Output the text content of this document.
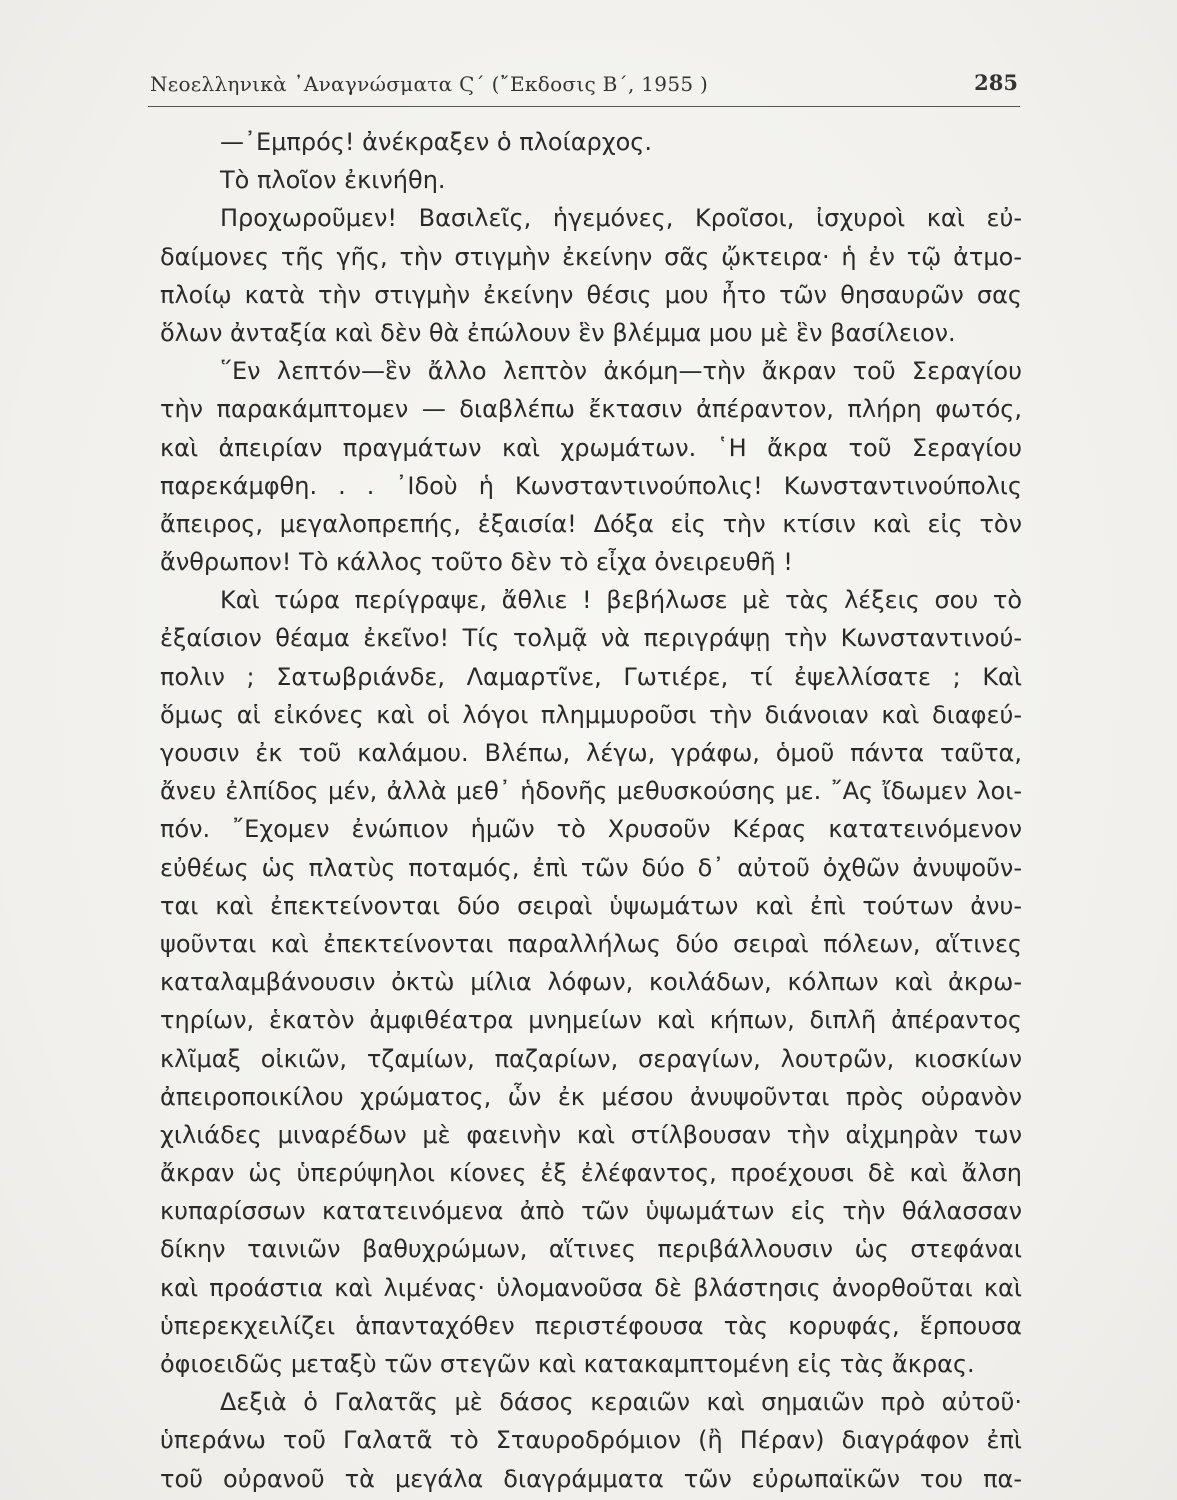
Νεοελληνικὰ ᾿Αναγνώσματα Ϛ΄ (῎Εκδοσις Β΄, 1955 )	285
—᾿Εμπρός! ἀνέκραξεν ὁ πλοίαρχος.
Τὸ πλοῖον ἐκινήθη.
Προχωροῦμεν! Βασιλεῖς, ἡγεμόνες, Κροῖσοι, ἰσχυροὶ καὶ εὐ-
δαίμονες τῆς γῆς, τὴν στιγμὴν ἐκείνην σᾶς ᾤκτειρα· ἡ ἐν τῷ ἀτμο-
πλοίῳ κατὰ τὴν στιγμὴν ἐκείνην θέσις μου ἦτο τῶν θησαυρῶν σας
ὅλων ἀνταξία καὶ δὲν θὰ ἐπώλουν ἓν βλέμμα μου μὲ ἓν βασίλειον.
῞Εν λεπτόν—ἓν ἄλλο λεπτὸν ἀκόμη—τὴν ἄκραν τοῦ Σεραγίου
τὴν παρακάμπτομεν — διαβλέπω ἔκτασιν ἀπέραντον, πλήρη φωτός,
καὶ ἀπειρίαν πραγμάτων καὶ χρωμάτων. ῾Η ἄκρα τοῦ Σεραγίου
παρεκάμφθη. . . ᾿Ιδοὺ ἡ Κωνσταντινούπολις! Κωνσταντινούπολις
ἄπειρος, μεγαλοπρεπής, ἐξαισία! Δόξα εἰς τὴν κτίσιν καὶ εἰς τὸν
ἄνθρωπον! Τὸ κάλλος τοῦτο δὲν τὸ εἶχα ὀνειρευθῆ !
Καὶ τώρα περίγραψε, ἄθλιε ! βεβήλωσε μὲ τὰς λέξεις σου τὸ
ἐξαίσιον θέαμα ἐκεῖνο! Τίς τολμᾷ νὰ περιγράψῃ τὴν Κωνσταντινού-
πολιν ; Σατωβριάνδε, Λαμαρτῖνε, Γωτιέρε, τί ἐψελλίσατε ; Καὶ
ὅμως αἱ εἰκόνες καὶ οἱ λόγοι πλημμυροῦσι τὴν διάνοιαν καὶ διαφεύ-
γουσιν ἐκ τοῦ καλάμου. Βλέπω, λέγω, γράφω, ὁμοῦ πάντα ταῦτα,
ἄνευ ἐλπίδος μέν, ἀλλὰ μεθ᾿ ἡδονῆς μεθυσκούσης με. ῎Ας ἴδωμεν λοι-
πόν. ῎Εχομεν ἐνώπιον ἡμῶν τὸ Χρυσοῦν Κέρας κατατεινόμενον
εὐθέως ὡς πλατὺς ποταμός, ἐπὶ τῶν δύο δ᾿ αὐτοῦ ὀχθῶν ἀνυψοῦν-
ται καὶ ἐπεκτείνονται δύο σειραὶ ὑψωμάτων καὶ ἐπὶ τούτων ἀνυ-
ψοῦνται καὶ ἐπεκτείνονται παραλλήλως δύο σειραὶ πόλεων, αἵτινες
καταλαμβάνουσιν ὀκτὼ μίλια λόφων, κοιλάδων, κόλπων καὶ ἀκρω-
τηρίων, ἑκατὸν ἀμφιθέατρα μνημείων καὶ κήπων, διπλῆ ἀπέραντος
κλῖμαξ οἰκιῶν, τζαμίων, παζαρίων, σεραγίων, λουτρῶν, κιοσκίων
ἀπειροποικίλου χρώματος, ὧν ἐκ μέσου ἀνυψοῦνται πρὸς οὐρανὸν
χιλιάδες μιναρέδων μὲ φαεινὴν καὶ στίλβουσαν τὴν αἰχμηρὰν των
ἄκραν ὡς ὑπερύψηλοι κίονες ἐξ ἐλέφαντος, προέχουσι δὲ καὶ ἄλση
κυπαρίσσων κατατεινόμενα ἀπὸ τῶν ὑψωμάτων εἰς τὴν θάλασσαν
δίκην ταινιῶν βαθυχρώμων, αἵτινες περιβάλλουσιν ὡς στεφάναι
καὶ προάστια καὶ λιμένας· ὑλομανοῦσα δὲ βλάστησις ἀνορθοῦται καὶ
ὑπερεκχειλίζει ἁπανταχόθεν περιστέφουσα τὰς κορυφάς, ἕρπουσα
ὀφιοειδῶς μεταξὺ τῶν στεγῶν καὶ κατακαμπτομένη εἰς τὰς ἄκρας.
Δεξιὰ ὁ Γαλατᾶς μὲ δάσος κεραιῶν καὶ σημαιῶν πρὸ αὐτοῦ·
ὑπεράνω τοῦ Γαλατᾶ τὸ Σταυροδρόμιον (ἢ Πέραν) διαγράφον ἐπὶ
τοῦ οὐρανοῦ τὰ μεγάλα διαγράμματα τῶν εὐρωπαϊκῶν του πα-
